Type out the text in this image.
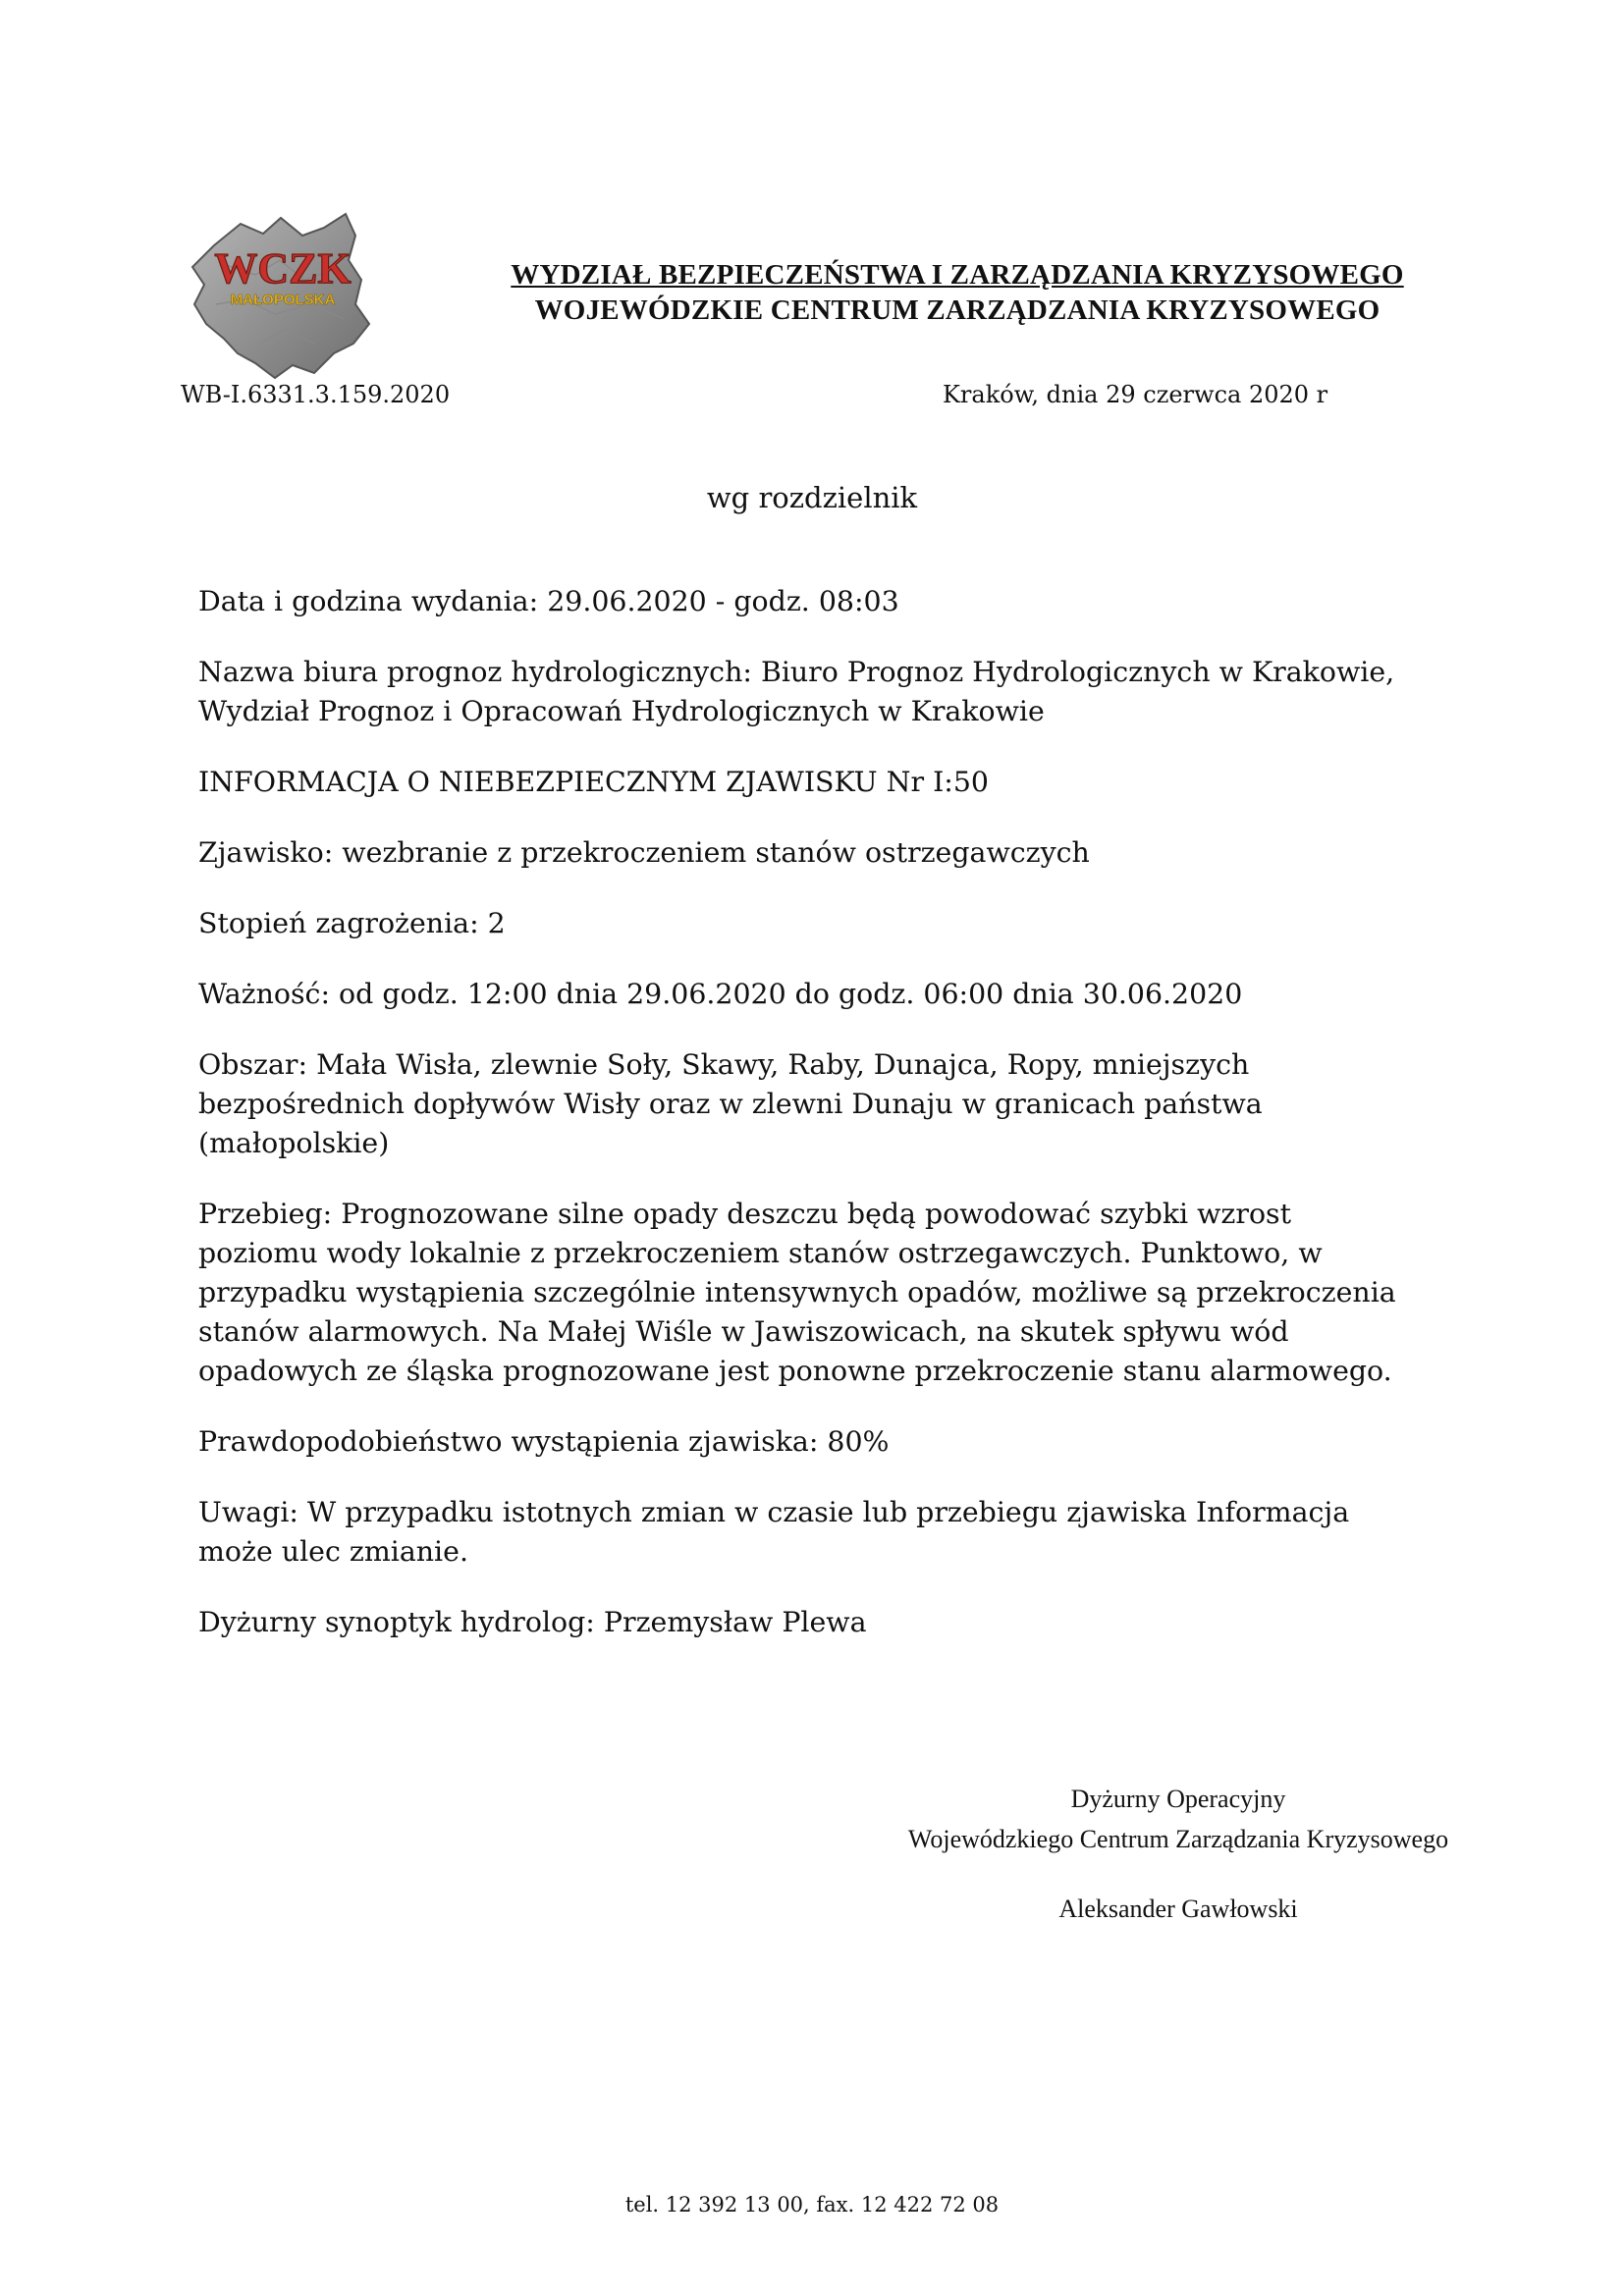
WCZK
MAŁOPOLSKA
WYDZIAŁ BEZPIECZEŃSTWA I ZARZĄDZANIA KRYZYSOWEGO
WOJEWÓDZKIE CENTRUM ZARZĄDZANIA KRYZYSOWEGO
WB-I.6331.3.159.2020	Kraków, dnia 29 czerwca 2020 r
wg rozdzielnik

Data i godzina wydania: 29.06.2020 - godz. 08:03

Nazwa biura prognoz hydrologicznych: Biuro Prognoz Hydrologicznych w Krakowie,
Wydział Prognoz i Opracowań Hydrologicznych w Krakowie

INFORMACJA O NIEBEZPIECZNYM ZJAWISKU Nr I:50

Zjawisko: wezbranie z przekroczeniem stanów ostrzegawczych

Stopień zagrożenia: 2

Ważność: od godz. 12:00 dnia 29.06.2020 do godz. 06:00 dnia 30.06.2020

Obszar: Mała Wisła, zlewnie Soły, Skawy, Raby, Dunajca, Ropy, mniejszych
bezpośrednich dopływów Wisły oraz w zlewni Dunaju w granicach państwa
(małopolskie)

Przebieg: Prognozowane silne opady deszczu będą powodować szybki wzrost
poziomu wody lokalnie z przekroczeniem stanów ostrzegawczych. Punktowo, w
przypadku wystąpienia szczególnie intensywnych opadów, możliwe są przekroczenia
stanów alarmowych. Na Małej Wiśle w Jawiszowicach, na skutek spływu wód
opadowych ze śląska prognozowane jest ponowne przekroczenie stanu alarmowego.

Prawdopodobieństwo wystąpienia zjawiska: 80%

Uwagi: W przypadku istotnych zmian w czasie lub przebiegu zjawiska Informacja
może ulec zmianie.

Dyżurny synoptyk hydrolog: Przemysław Plewa

Dyżurny Operacyjny
Wojewódzkiego Centrum Zarządzania Kryzysowego
Aleksander Gawłowski
tel. 12 392 13 00, fax. 12 422 72 08
